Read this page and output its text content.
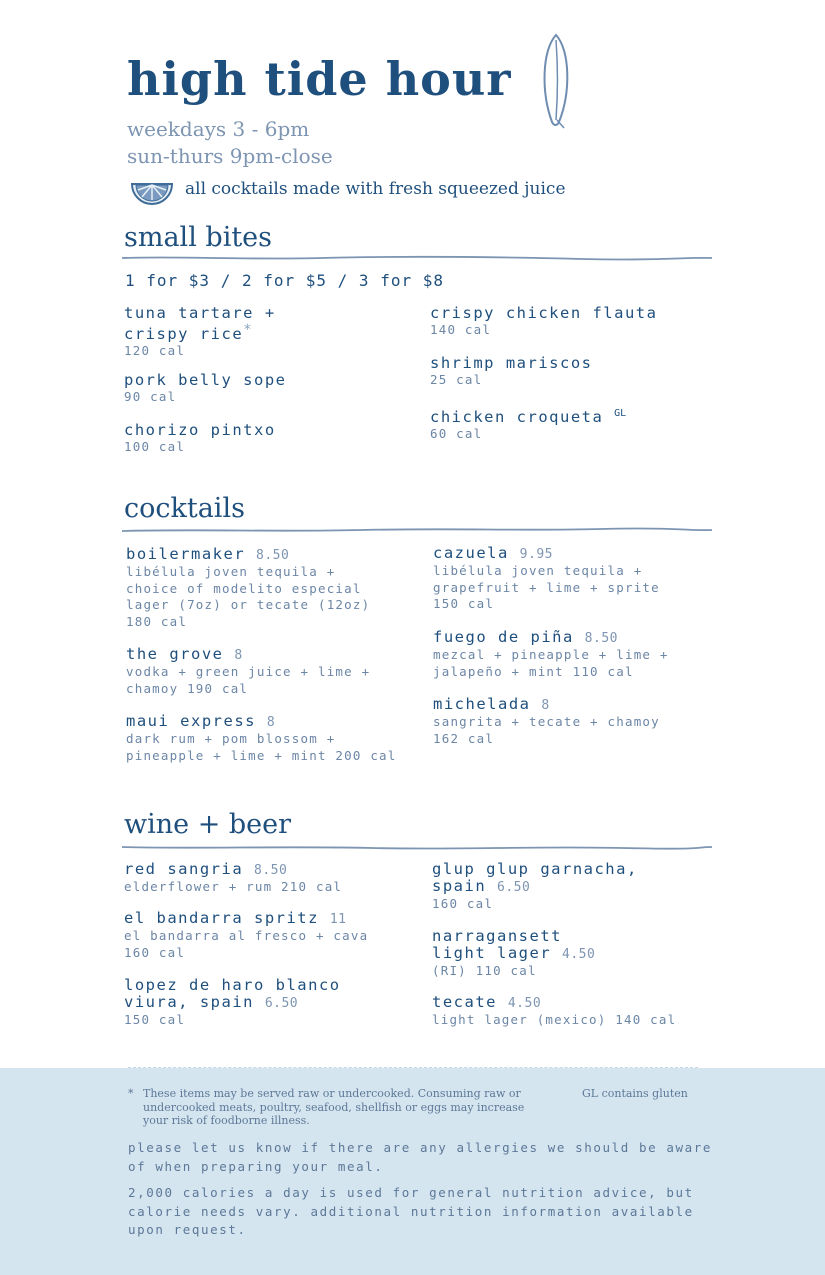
high tide hour
weekdays 3 - 6pm
sun-thurs 9pm-close
all cocktails made with fresh squeezed juice
small bites
1 for $3 / 2 for $5 / 3 for $8
tuna tartare +
crispy rice*
120 cal
pork belly sope
90 cal
chorizo pintxo
100 cal
crispy chicken flauta
140 cal
shrimp mariscos
25 cal
chicken croqueta $^{GL}$
60 cal
cocktails
boilermaker 8.50
libélula joven tequila +
choice of modelito especial
lager (7oz) or tecate (12oz)
180 cal
the grove 8
vodka + green juice + lime +
chamoy 190 cal
maui express 8
dark rum + pom blossom +
pineapple + lime + mint 200 cal
cazuela 9.95
libélula joven tequila +
grapefruit + lime + sprite
150 cal
fuego de piña 8.50
mezcal + pineapple + lime +
jalapeño + mint 110 cal
michelada 8
sangrita + tecate + chamoy
162 cal
wine + beer
red sangria 8.50
elderflower + rum 210 cal
el bandarra spritz 11
el bandarra al fresco + cava
160 cal
lopez de haro blanco
viura, spain 6.50
150 cal
glup glup garnacha,
spain 6.50
160 cal
narragansett
light lager 4.50
(RI) 110 cal
tecate 4.50
light lager (mexico) 140 cal
* These items may be served raw or undercooked. Consuming raw or
undercooked meats, poultry, seafood, shellfish or eggs may increase
your risk of foodborne illness.
GL contains gluten
please let us know if there are any allergies we should be aware
of when preparing your meal.
2,000 calories a day is used for general nutrition advice, but
calorie needs vary. additional nutrition information available
upon request.
